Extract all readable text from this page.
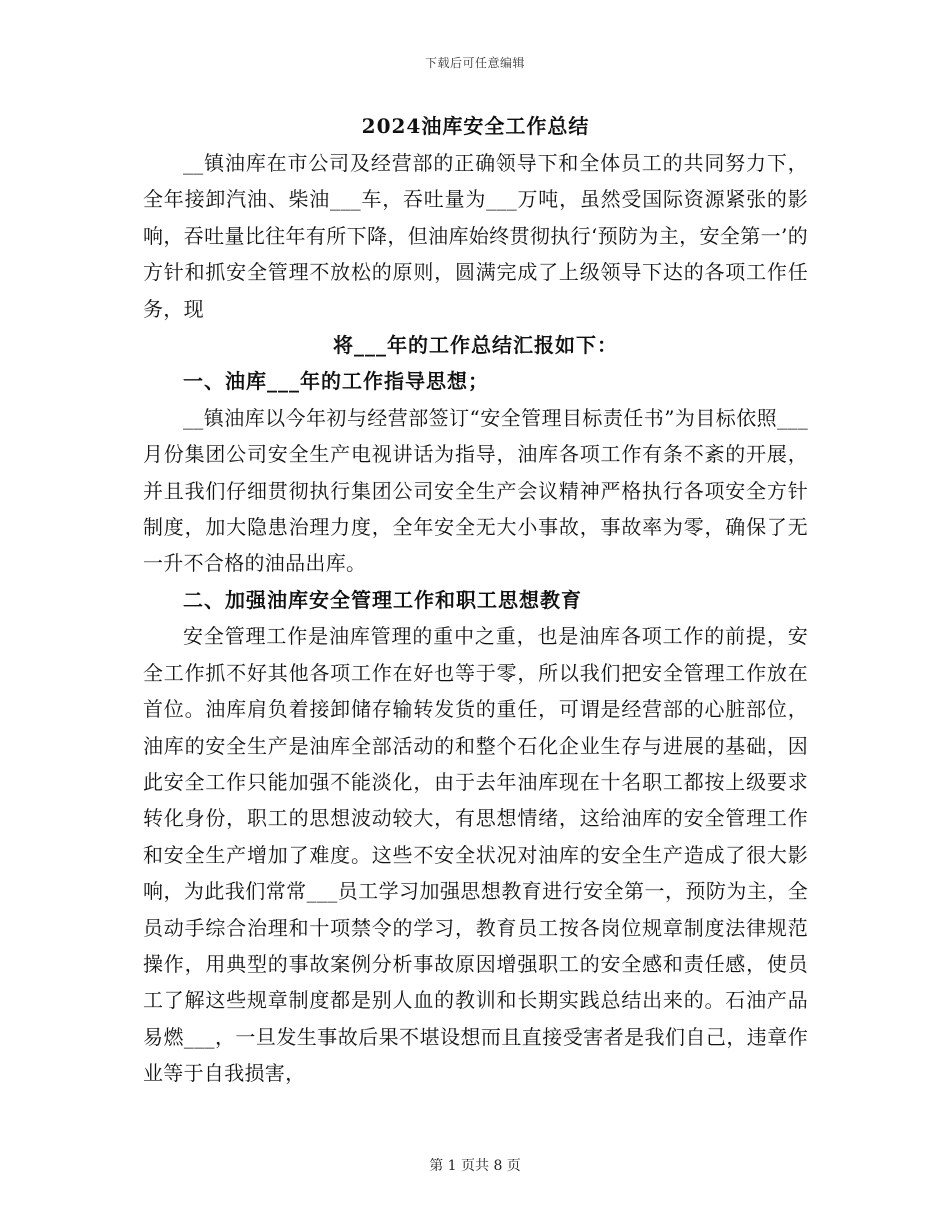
下载后可任意编辑
2024油库安全工作总结

__镇油库在市公司及经营部的正确领导下和全体员工的共同努力下，全年接卸汽油、柴油___车，吞吐量为___万吨，虽然受国际资源紧张的影响，吞吐量比往年有所下降，但油库始终贯彻执行‘预防为主，安全第一’的方针和抓安全管理不放松的原则，圆满完成了上级领导下达的各项工作任务，现

将___年的工作总结汇报如下：

一、油库___年的工作指导思想；

__镇油库以今年初与经营部签订“安全管理目标责任书”为目标依照___月份集团公司安全生产电视讲话为指导，油库各项工作有条不紊的开展，并且我们仔细贯彻执行集团公司安全生产会议精神严格执行各项安全方针制度，加大隐患治理力度，全年安全无大小事故，事故率为零，确保了无一升不合格的油品出库。

二、加强油库安全管理工作和职工思想教育

安全管理工作是油库管理的重中之重，也是油库各项工作的前提，安全工作抓不好其他各项工作在好也等于零，所以我们把安全管理工作放在首位。油库肩负着接卸储存输转发货的重任，可谓是经营部的心脏部位，油库的安全生产是油库全部活动的和整个石化企业生存与进展的基础，因此安全工作只能加强不能淡化，由于去年油库现在十名职工都按上级要求转化身份，职工的思想波动较大，有思想情绪，这给油库的安全管理工作和安全生产增加了难度。这些不安全状况对油库的安全生产造成了很大影响，为此我们常常___员工学习加强思想教育进行安全第一，预防为主，全员动手综合治理和十项禁令的学习，教育员工按各岗位规章制度法律规范操作，用典型的事故案例分析事故原因增强职工的安全感和责任感，使员工了解这些规章制度都是别人血的教训和长期实践总结出来的。石油产品易燃___，一旦发生事故后果不堪设想而且直接受害者是我们自己，违章作业等于自我损害，

第 1 页共 8 页
